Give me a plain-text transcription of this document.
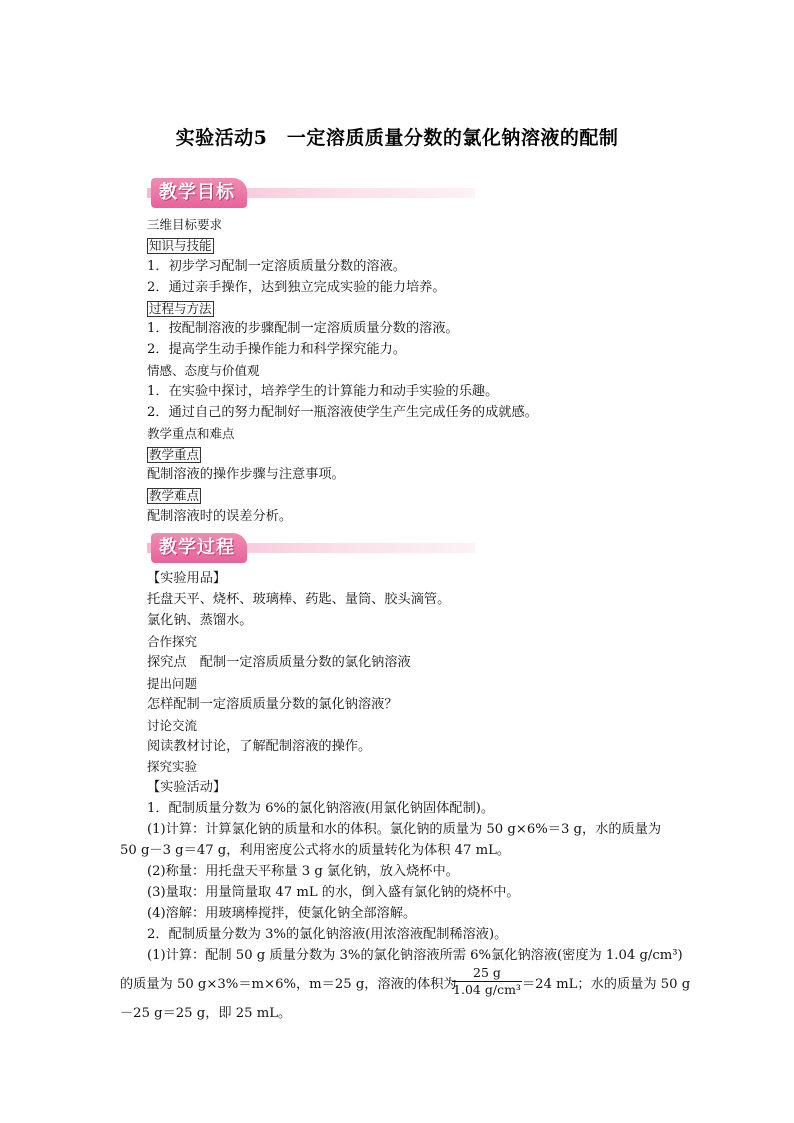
实验活动5　一定溶质质量分数的氯化钠溶液的配制
教学目标
三维目标要求
知识与技能
1．初步学习配制一定溶质质量分数的溶液。
2．通过亲手操作，达到独立完成实验的能力培养。
过程与方法
1．按配制溶液的步骤配制一定溶质质量分数的溶液。
2．提高学生动手操作能力和科学探究能力。
情感、态度与价值观
1．在实验中探讨，培养学生的计算能力和动手实验的乐趣。
2．通过自己的努力配制好一瓶溶液使学生产生完成任务的成就感。
教学重点和难点
教学重点
配制溶液的操作步骤与注意事项。
教学难点
配制溶液时的误差分析。
教学过程
【实验用品】
托盘天平、烧杯、玻璃棒、药匙、量筒、胶头滴管。
氯化钠、蒸馏水。
合作探究
探究点　配制一定溶质质量分数的氯化钠溶液
提出问题
怎样配制一定溶质质量分数的氯化钠溶液？
讨论交流
阅读教材讨论，了解配制溶液的操作。
探究实验
【实验活动】
1．配制质量分数为 6%的氯化钠溶液(用氯化钠固体配制)。
(1)计算：计算氯化钠的质量和水的体积。氯化钠的质量为 50 g×6%＝3 g，水的质量为
50 g－3 g＝47 g，利用密度公式将水的质量转化为体积 47 mL。
(2)称量：用托盘天平称量 3 g 氯化钠，放入烧杯中。
(3)量取：用量筒量取 47 mL 的水，倒入盛有氯化钠的烧杯中。
(4)溶解：用玻璃棒搅拌，使氯化钠全部溶解。
2．配制质量分数为 3%的氯化钠溶液(用浓溶液配制稀溶液)。
(1)计算：配制 50 g 质量分数为 3%的氯化钠溶液所需 6%氯化钠溶液(密度为 1.04 g/cm³)
的质量为 50 g×3%＝m×6%，m＝25 g，溶液的体积为
$\frac{25 g}{\text{1.04 g/cm³}} =24$ mL；水的质量为 50 g
－25 g＝25 g，即 25 mL。
